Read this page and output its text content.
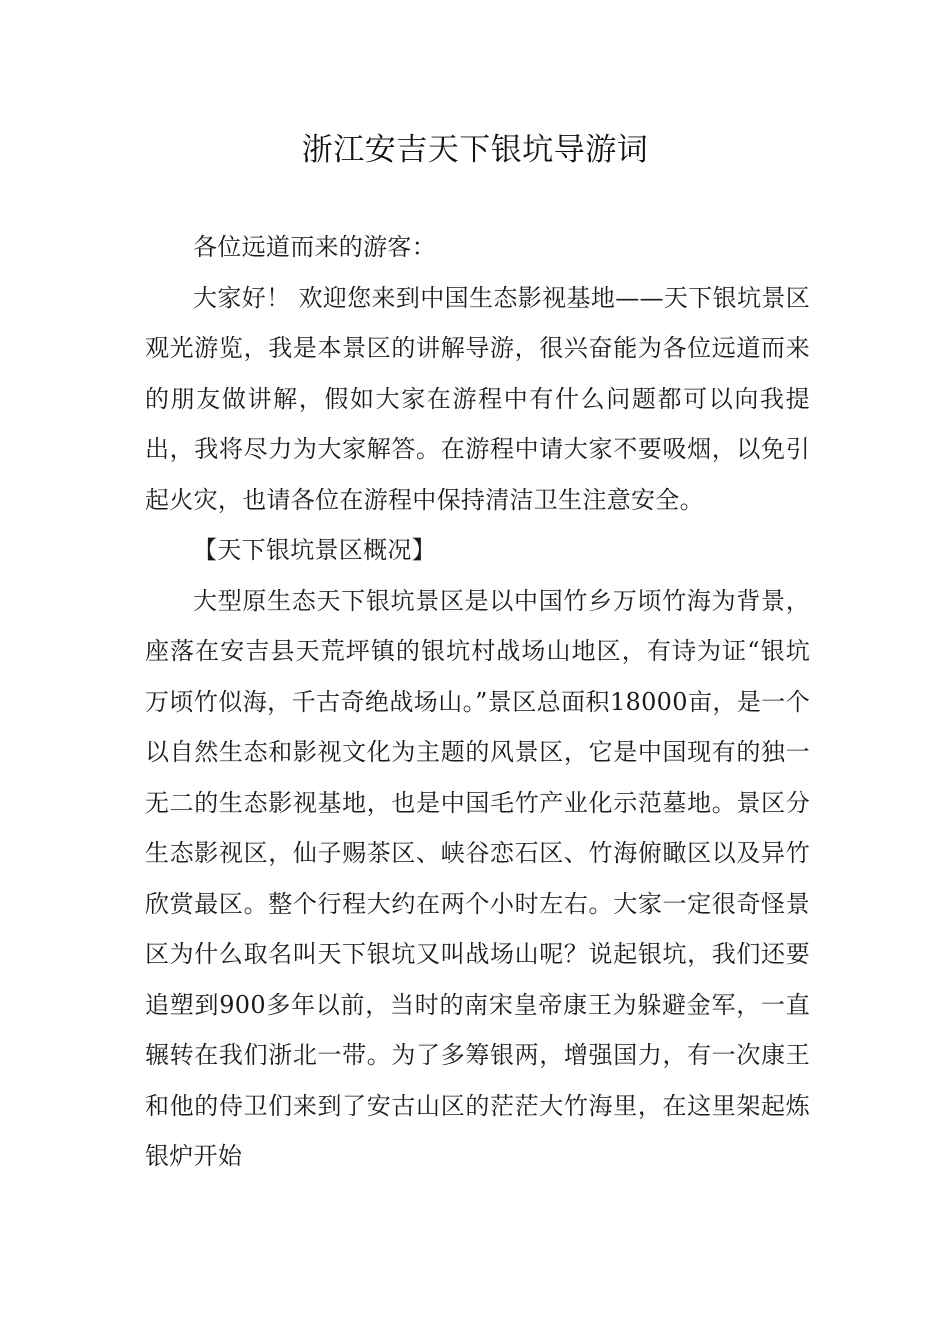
浙江安吉天下银坑导游词

各位远道而来的游客：

大家好！ 欢迎您来到中国生态影视基地——天下银坑景区观光游览，我是本景区的讲解导游，很兴奋能为各位远道而来的朋友做讲解，假如大家在游程中有什么问题都可以向我提出，我将尽力为大家解答。在游程中请大家不要吸烟，以免引起火灾，也请各位在游程中保持清洁卫生注意安全。

【天下银坑景区概况】

大型原生态天下银坑景区是以中国竹乡万顷竹海为背景，座落在安吉县天荒坪镇的银坑村战场山地区，有诗为证“银坑万顷竹似海，千古奇绝战场山。”景区总面积18000亩，是一个以自然生态和影视文化为主题的风景区，它是中国现有的独一无二的生态影视基地，也是中国毛竹产业化示范墓地。景区分生态影视区，仙子赐茶区、峡谷恋石区、竹海俯瞰区以及异竹欣赏最区。整个行程大约在两个小时左右。大家一定很奇怪景区为什么取名叫天下银坑又叫战场山呢？说起银坑，我们还要追塑到900多年以前，当时的南宋皇帝康王为躲避金军，一直辗转在我们浙北一带。为了多筹银两，增强国力，有一次康王和他的侍卫们来到了安古山区的茫茫大竹海里，在这里架起炼银炉开始
